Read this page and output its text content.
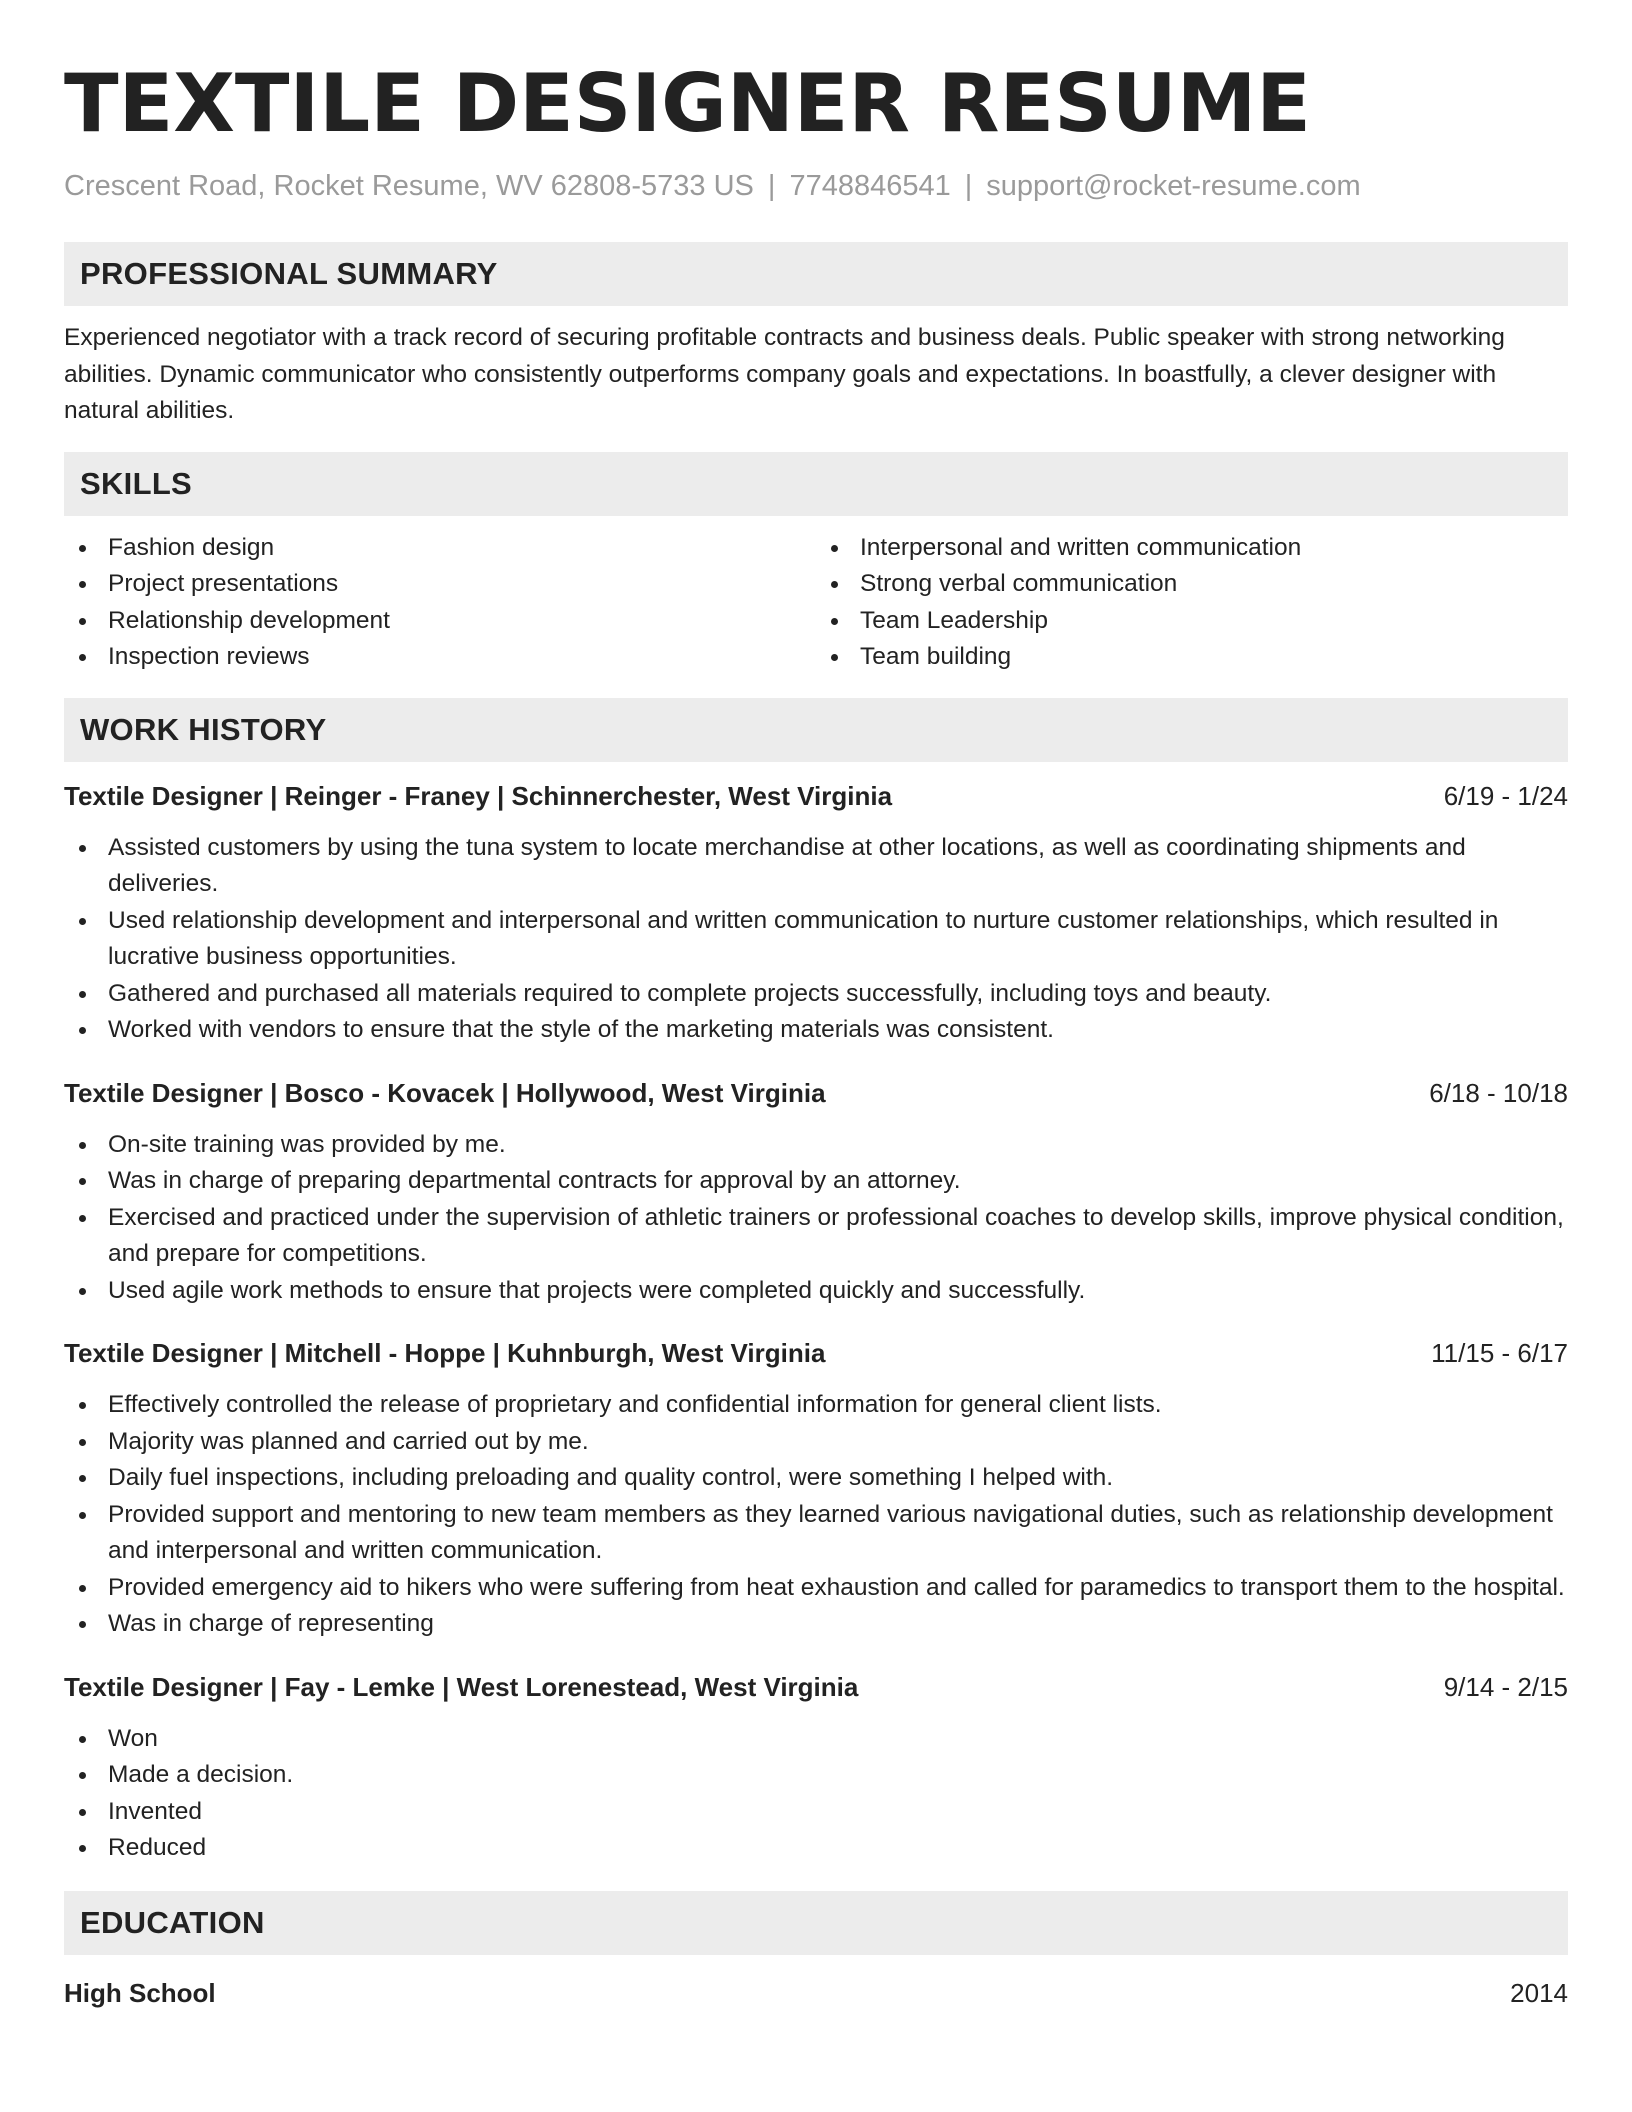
TEXTILE DESIGNER RESUME
Crescent Road, Rocket Resume, WV 62808-5733 US | 7748846541 | support@rocket-resume.com
PROFESSIONAL SUMMARY

Experienced negotiator with a track record of securing profitable contracts and business deals. Public speaker with strong networking abilities. Dynamic communicator who consistently outperforms company goals and expectations. In boastfully, a clever designer with natural abilities.

SKILLS
Fashion design
Project presentations
Relationship development
Inspection reviews
Interpersonal and written communication
Strong verbal communication
Team Leadership
Team building
WORK HISTORY
Textile Designer | Reinger - Franey | Schinnerchester, West Virginia	6/19 - 1/24
Assisted customers by using the tuna system to locate merchandise at other locations, as well as coordinating shipments and deliveries.
Used relationship development and interpersonal and written communication to nurture customer relationships, which resulted in lucrative business opportunities.
Gathered and purchased all materials required to complete projects successfully, including toys and beauty.
Worked with vendors to ensure that the style of the marketing materials was consistent.
Textile Designer | Bosco - Kovacek | Hollywood, West Virginia	6/18 - 10/18
On-site training was provided by me.
Was in charge of preparing departmental contracts for approval by an attorney.
Exercised and practiced under the supervision of athletic trainers or professional coaches to develop skills, improve physical condition, and prepare for competitions.
Used agile work methods to ensure that projects were completed quickly and successfully.
Textile Designer | Mitchell - Hoppe | Kuhnburgh, West Virginia	11/15 - 6/17
Effectively controlled the release of proprietary and confidential information for general client lists.
Majority was planned and carried out by me.
Daily fuel inspections, including preloading and quality control, were something I helped with.
Provided support and mentoring to new team members as they learned various navigational duties, such as relationship development and interpersonal and written communication.
Provided emergency aid to hikers who were suffering from heat exhaustion and called for paramedics to transport them to the hospital.
Was in charge of representing
Textile Designer | Fay - Lemke | West Lorenestead, West Virginia	9/14 - 2/15
Won
Made a decision.
Invented
Reduced
EDUCATION
High School	2014
